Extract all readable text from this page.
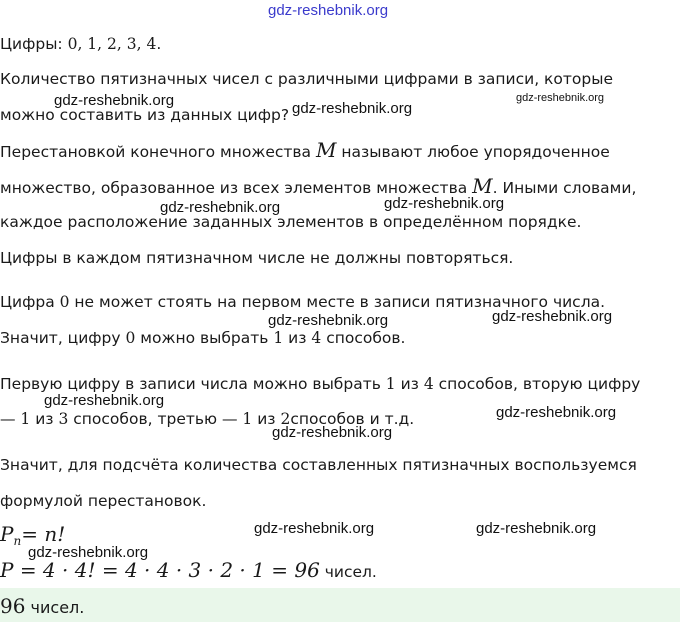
gdz-reshebnik.org
Цифры: 0, 1, 2, 3, 4.
Количество пятизначных чисел с различными цифрами в записи, которые
gdz-reshebnik.org	gdz-reshebnik.org
gdz-reshebnik.org
можно составить из данных цифр?
Перестановкой конечного множества M называют любое упорядоченное
множество, образованное из всех элементов множества M. Иными словами,
gdz-reshebnik.org	gdz-reshebnik.org
каждое расположение заданных элементов в определённом порядке.
Цифры в каждом пятизначном числе не должны повторяться.
Цифра 0 не может стоять на первом месте в записи пятизначного числа.
gdz-reshebnik.org	gdz-reshebnik.org
Значит, цифру 0 можно выбрать 1 из 4 способов.
Первую цифру в записи числа можно выбрать 1 из 4 способов, вторую цифру
gdz-reshebnik.org
gdz-reshebnik.org
— 1 из 3 способов, третью — 1 из 2способов и т.д.
gdz-reshebnik.org
Значит, для подсчёта количества составленных пятизначных воспользуемся
формулой перестановок.
$P_n= n$!	gdz-reshebnik.org	gdz-reshebnik.org
gdz-reshebnik.org
P = 4 · 4! = 4 · 4 · 3 · 2 · 1 = 96 чисел.
96 чисел.
